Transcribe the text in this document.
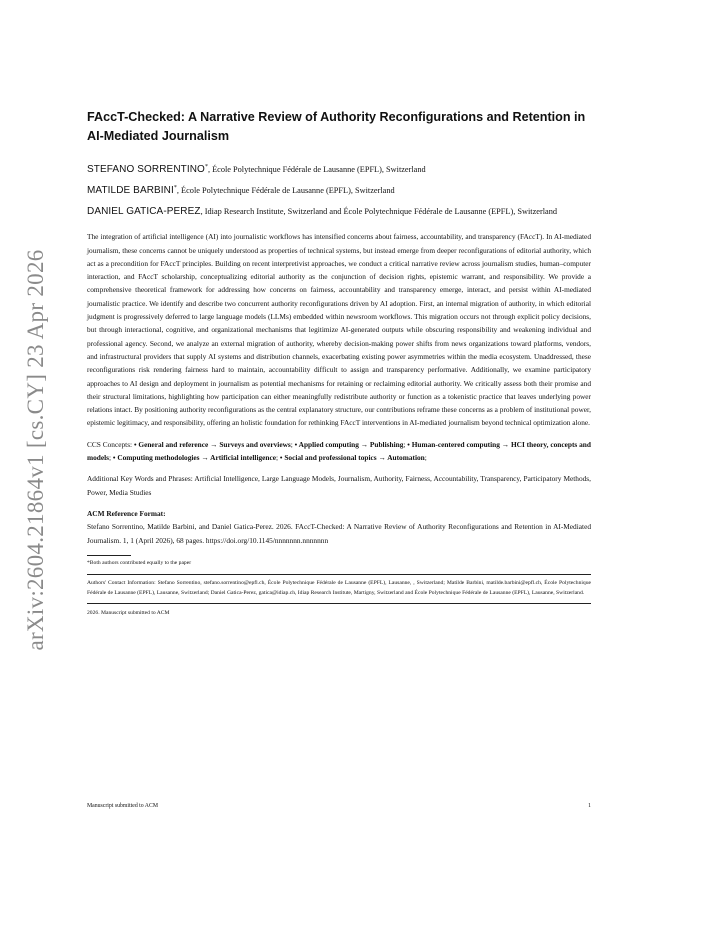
arXiv:2604.21864v1 [cs.CY] 23 Apr 2026
FAccT-Checked: A Narrative Review of Authority Reconfigurations and Retention in AI-Mediated Journalism
STEFANO SORRENTINO*, École Polytechnique Fédérale de Lausanne (EPFL), Switzerland
MATILDE BARBINI*, École Polytechnique Fédérale de Lausanne (EPFL), Switzerland
DANIEL GATICA-PEREZ, Idiap Research Institute, Switzerland and École Polytechnique Fédérale de Lausanne (EPFL), Switzerland

The integration of artificial intelligence (AI) into journalistic workflows has intensified concerns about fairness, accountability, and transparency (FAccT). In AI-mediated journalism, these concerns cannot be uniquely understood as properties of technical systems, but instead emerge from deeper reconfigurations of editorial authority, which act as a precondition for FAccT principles. Building on recent interpretivist approaches, we conduct a critical narrative review across journalism studies, human–computer interaction, and FAccT scholarship, conceptualizing editorial authority as the conjunction of decision rights, epistemic warrant, and responsibility. We provide a comprehensive theoretical framework for addressing how concerns on fairness, accountability and transparency emerge, interact, and persist within AI-mediated journalistic practice. We identify and describe two concurrent authority reconfigurations driven by AI adoption. First, an internal migration of authority, in which editorial judgment is progressively deferred to large language models (LLMs) embedded within newsroom workflows. This migration occurs not through explicit policy decisions, but through interactional, cognitive, and organizational mechanisms that legitimize AI-generated outputs while obscuring responsibility and weakening individual and professional agency. Second, we analyze an external migration of authority, whereby decision-making power shifts from news organizations toward platforms, vendors, and infrastructural providers that supply AI systems and distribution channels, exacerbating existing power asymmetries within the media ecosystem. Unaddressed, these reconfigurations risk rendering fairness hard to maintain, accountability difficult to assign and transparency performative. Additionally, we examine participatory approaches to AI design and deployment in journalism as potential mechanisms for retaining or reclaiming editorial authority. We critically assess both their promise and their structural limitations, highlighting how participation can either meaningfully redistribute authority or function as a tokenistic practice that leaves underlying power relations intact. By positioning authority reconfigurations as the central explanatory structure, our contributions reframe these concerns as a problem of institutional power, epistemic legitimacy, and responsibility, offering an holistic foundation for rethinking FAccT interventions in AI-mediated journalism beyond technical optimization alone.

CCS Concepts: • General and reference → Surveys and overviews; • Applied computing → Publishing; • Human-centered computing → HCI theory, concepts and models; • Computing methodologies → Artificial intelligence; • Social and professional topics → Automation;

Additional Key Words and Phrases: Artificial Intelligence, Large Language Models, Journalism, Authority, Fairness, Accountability, Transparency, Participatory Methods, Power, Media Studies

ACM Reference Format:

Stefano Sorrentino, Matilde Barbini, and Daniel Gatica-Perez. 2026. FAccT-Checked: A Narrative Review of Authority Reconfigurations and Retention in AI-Mediated Journalism. 1, 1 (April 2026), 68 pages. https://doi.org/10.1145/nnnnnnn.nnnnnnn

*Both authors contributed equally to the paper
Authors' Contact Information: Stefano Sorrentino, stefano.sorrentino@epfl.ch, École Polytechnique Fédérale de Lausanne (EPFL), Lausanne, , Switzerland; Matilde Barbini, matilde.barbini@epfl.ch, École Polytechnique Fédérale de Lausanne (EPFL), Lausanne, Switzerland; Daniel Gatica-Perez, gatica@idiap.ch, Idiap Research Institute, Martigny, Switzerland and École Polytechnique Fédérale de Lausanne (EPFL), Lausanne, Switzerland.
2026. Manuscript submitted to ACM
Manuscript submitted to ACM	1
